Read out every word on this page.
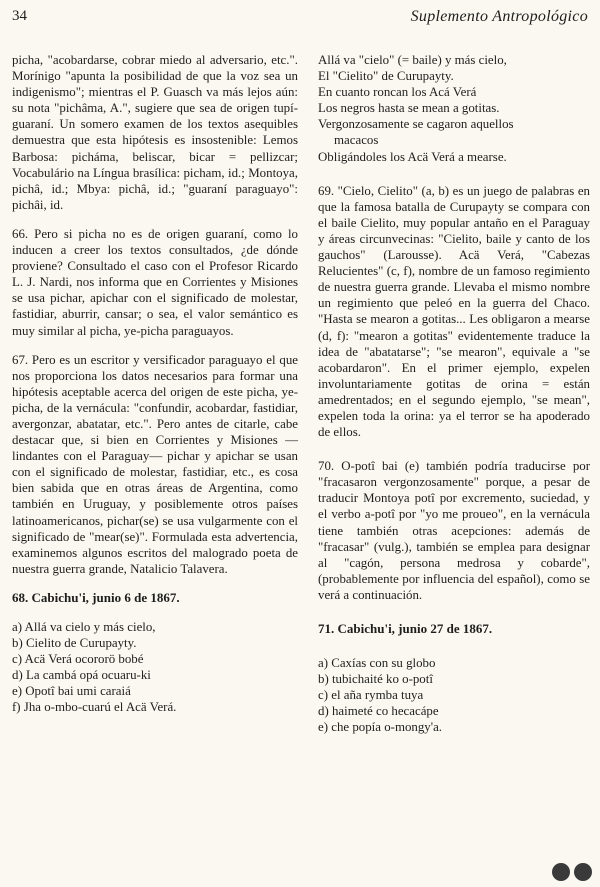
34	Suplemento Antropológico

picha, "acobardarse, cobrar miedo al adversario, etc.". Morínigo "apunta la posibilidad de que la voz sea un indigenismo"; mientras el P. Guasch va más lejos aún: su nota "pichâma, A.", sugiere que sea de origen tupí-guaraní. Un somero examen de los textos asequibles demuestra que esta hipótesis es insostenible: Lemos Barbosa: picháma, beliscar, bicar = pellizcar; Vocabulário na Língua brasílica: picham, id.; Montoya, pichâ, id.; Mbya: pichâ, id.; "guaraní paraguayo": pichâi, id.

66. Pero si picha no es de origen guaraní, como lo inducen a creer los textos consultados, ¿de dónde proviene? Consultado el caso con el Profesor Ricardo L. J. Nardi, nos informa que en Corrientes y Misiones se usa pichar, apichar con el significado de molestar, fastidiar, aburrir, cansar; o sea, el valor semántico es muy similar al picha, ye-picha paraguayos.

67. Pero es un escritor y versificador paraguayo el que nos proporciona los datos necesarios para formar una hipótesis aceptable acerca del origen de este picha, ye-picha, de la vernácula: "confundir, acobardar, fastidiar, avergonzar, abatatar, etc.". Pero antes de citarle, cabe destacar que, si bien en Corrientes y Misiones —lindantes con el Paraguay— pichar y apichar se usan con el significado de molestar, fastidiar, etc., es cosa bien sabida que en otras áreas de Argentina, como también en Uruguay, y posiblemente otros países latinoamericanos, pichar(se) se usa vulgarmente con el significado de "mear(se)". Formulada esta advertencia, examinemos algunos escritos del malogrado poeta de nuestra guerra grande, Natalicio Talavera.

68. Cabichu'i, junio 6 de 1867.
a) Allá va cielo y más cielo,
b) Cielito de Curupayty.
c) Acä Verá ocororö bobé
d) La cambá opá ocuaru-ki
e) Opotî bai umi caraiá
f) Jha o-mbo-cuarú el Acä Verá.
Allá va "cielo" (= baile) y más cielo,
El "Cielito" de Curupayty.
En cuanto roncan los Acá Verá
Los negros hasta se mean a gotitas.
Vergonzosamente se cagaron aquellos
macacos
Obligándoles los Acä Verá a mearse.

69. "Cielo, Cielito" (a, b) es un juego de palabras en que la famosa batalla de Curupayty se compara con el baile Cielito, muy popular antaño en el Paraguay y áreas circunvecinas: "Cielito, baile y canto de los gauchos" (Larousse). Acä Verá, "Cabezas Relucientes" (c, f), nombre de un famoso regimiento de nuestra guerra grande. Llevaba el mismo nombre un regimiento que peleó en la guerra del Chaco. "Hasta se mearon a gotitas... Les obligaron a mearse (d, f): "mearon a gotitas" evidentemente traduce la idea de "abatatarse"; "se mearon", equivale a "se acobardaron". En el primer ejemplo, expelen involuntariamente gotitas de orina = están amedrentados; en el segundo ejemplo, "se mean", expelen toda la orina: ya el terror se ha apoderado de ellos.

70. O-potî bai (e) también podría traducirse por "fracasaron vergonzosamente" porque, a pesar de traducir Montoya potî por excremento, suciedad, y el verbo a-potî por "yo me proueo", en la vernácula tiene también otras acepciones: además de "fracasar" (vulg.), también se emplea para designar al "cagón, persona medrosa y cobarde", (probablemente por influencia del español), como se verá a continuación.

71. Cabichu'i, junio 27 de 1867.
a) Caxías con su globo
b) tubichaité ko o-potî
c) el aña rymba tuya
d) haimeté co hecacápe
e) che popía o-mongy'a.
